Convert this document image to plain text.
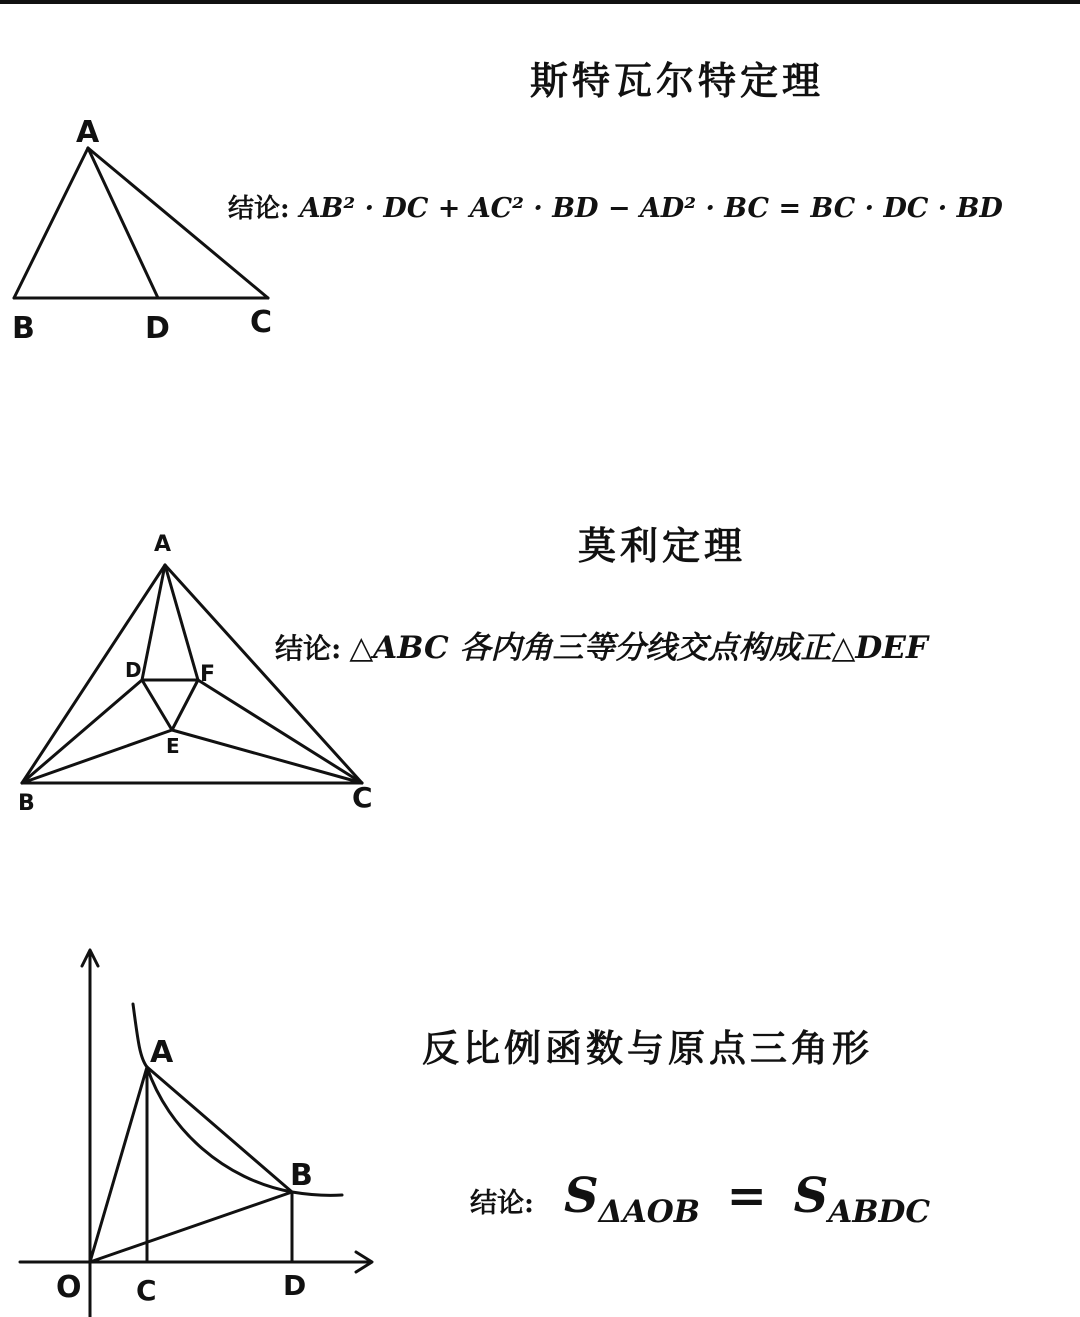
A
B	D	C
斯特瓦尔特定理
结论: AB² · DC + AC² · BD − AD² · BC = BC · DC · BD
A
B	C
D
E
F
莫利定理
结论: △ABC 各内角三等分线交点构成正△DEF
A
B
O C	D
反比例函数与原点三角形
结论: $S_{\Delta AOB} = S_{ABDC}$
